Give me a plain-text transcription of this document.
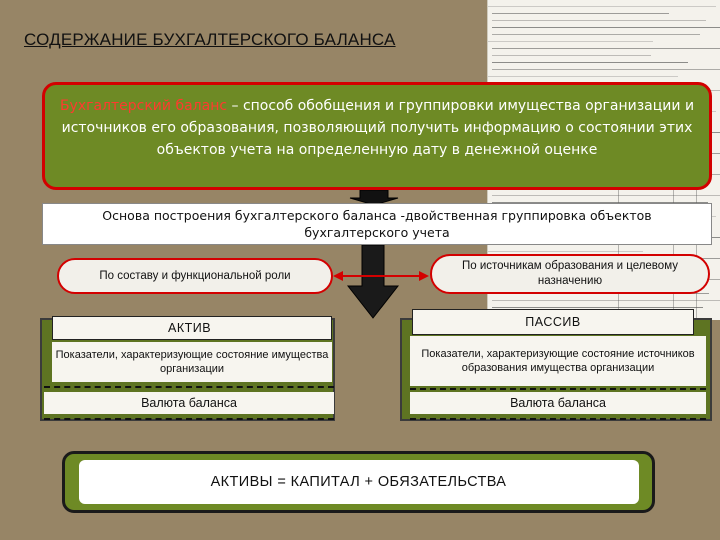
СОДЕРЖАНИЕ БУХГАЛТЕРСКОГО БАЛАНСА
Бухгалтерский баланс – способ обобщения и группировки имущества организации и источников его образования, позволяющий получить информацию о состоянии этих объектов учета на определенную дату в денежной оценке
Основа построения бухгалтерского баланса -двойственная группировка объектов бухгалтерского учета
По составу и функциональной роли
По источникам образования и целевому назначению
АКТИВ
Показатели, характеризующие состояние имущества организации
Валюта баланса
ПАССИВ
Показатели, характеризующие состояние источников образования имущества организации
Валюта баланса
АКТИВЫ = КАПИТАЛ + ОБЯЗАТЕЛЬСТВА
